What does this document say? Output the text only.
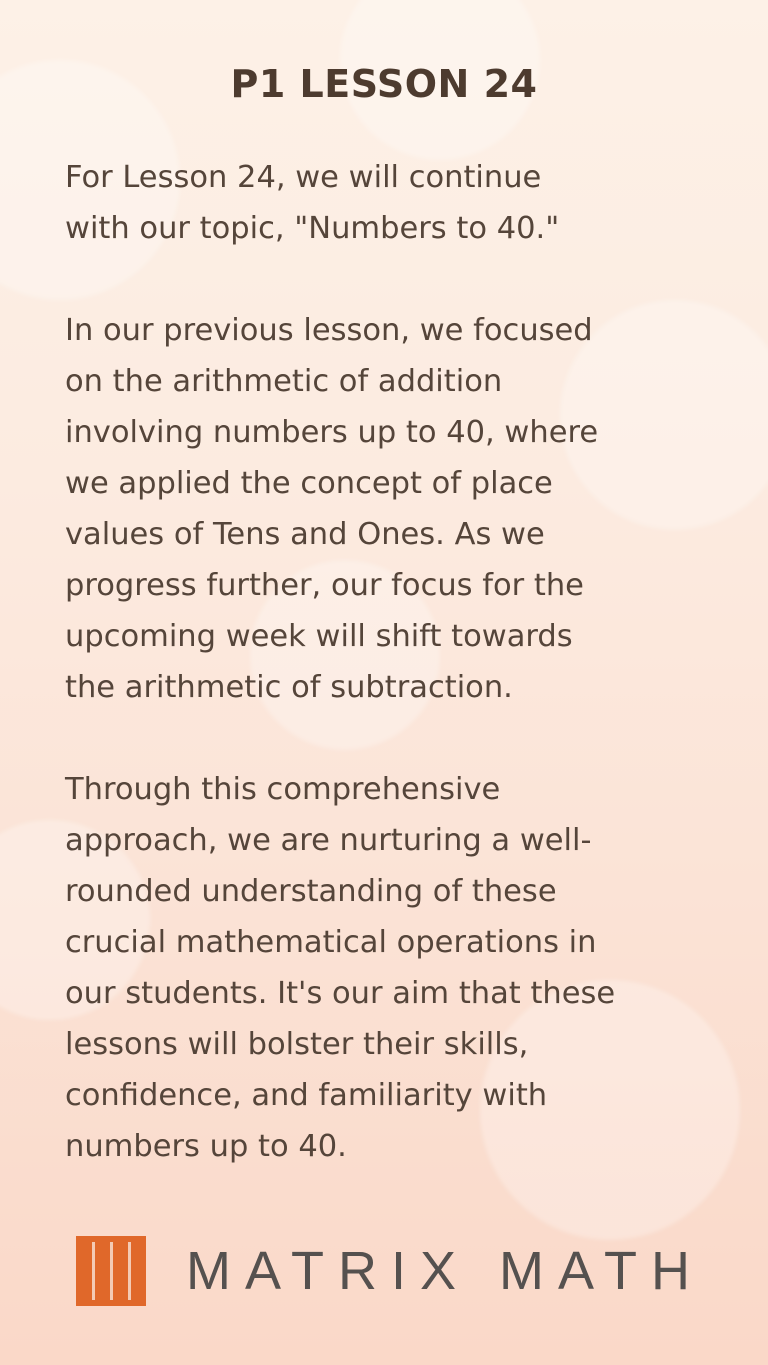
P1 LESSON 24

For Lesson 24, we will continue
with our topic, "Numbers to 40."

In our previous lesson, we focused
on the arithmetic of addition
involving numbers up to 40, where
we applied the concept of place
values of Tens and Ones. As we
progress further, our focus for the
upcoming week will shift towards
the arithmetic of subtraction.

Through this comprehensive
approach, we are nurturing a well-
rounded understanding of these
crucial mathematical operations in
our students. It's our aim that these
lessons will bolster their skills,
confidence, and familiarity with
numbers up to 40.

MATRIX MATH
